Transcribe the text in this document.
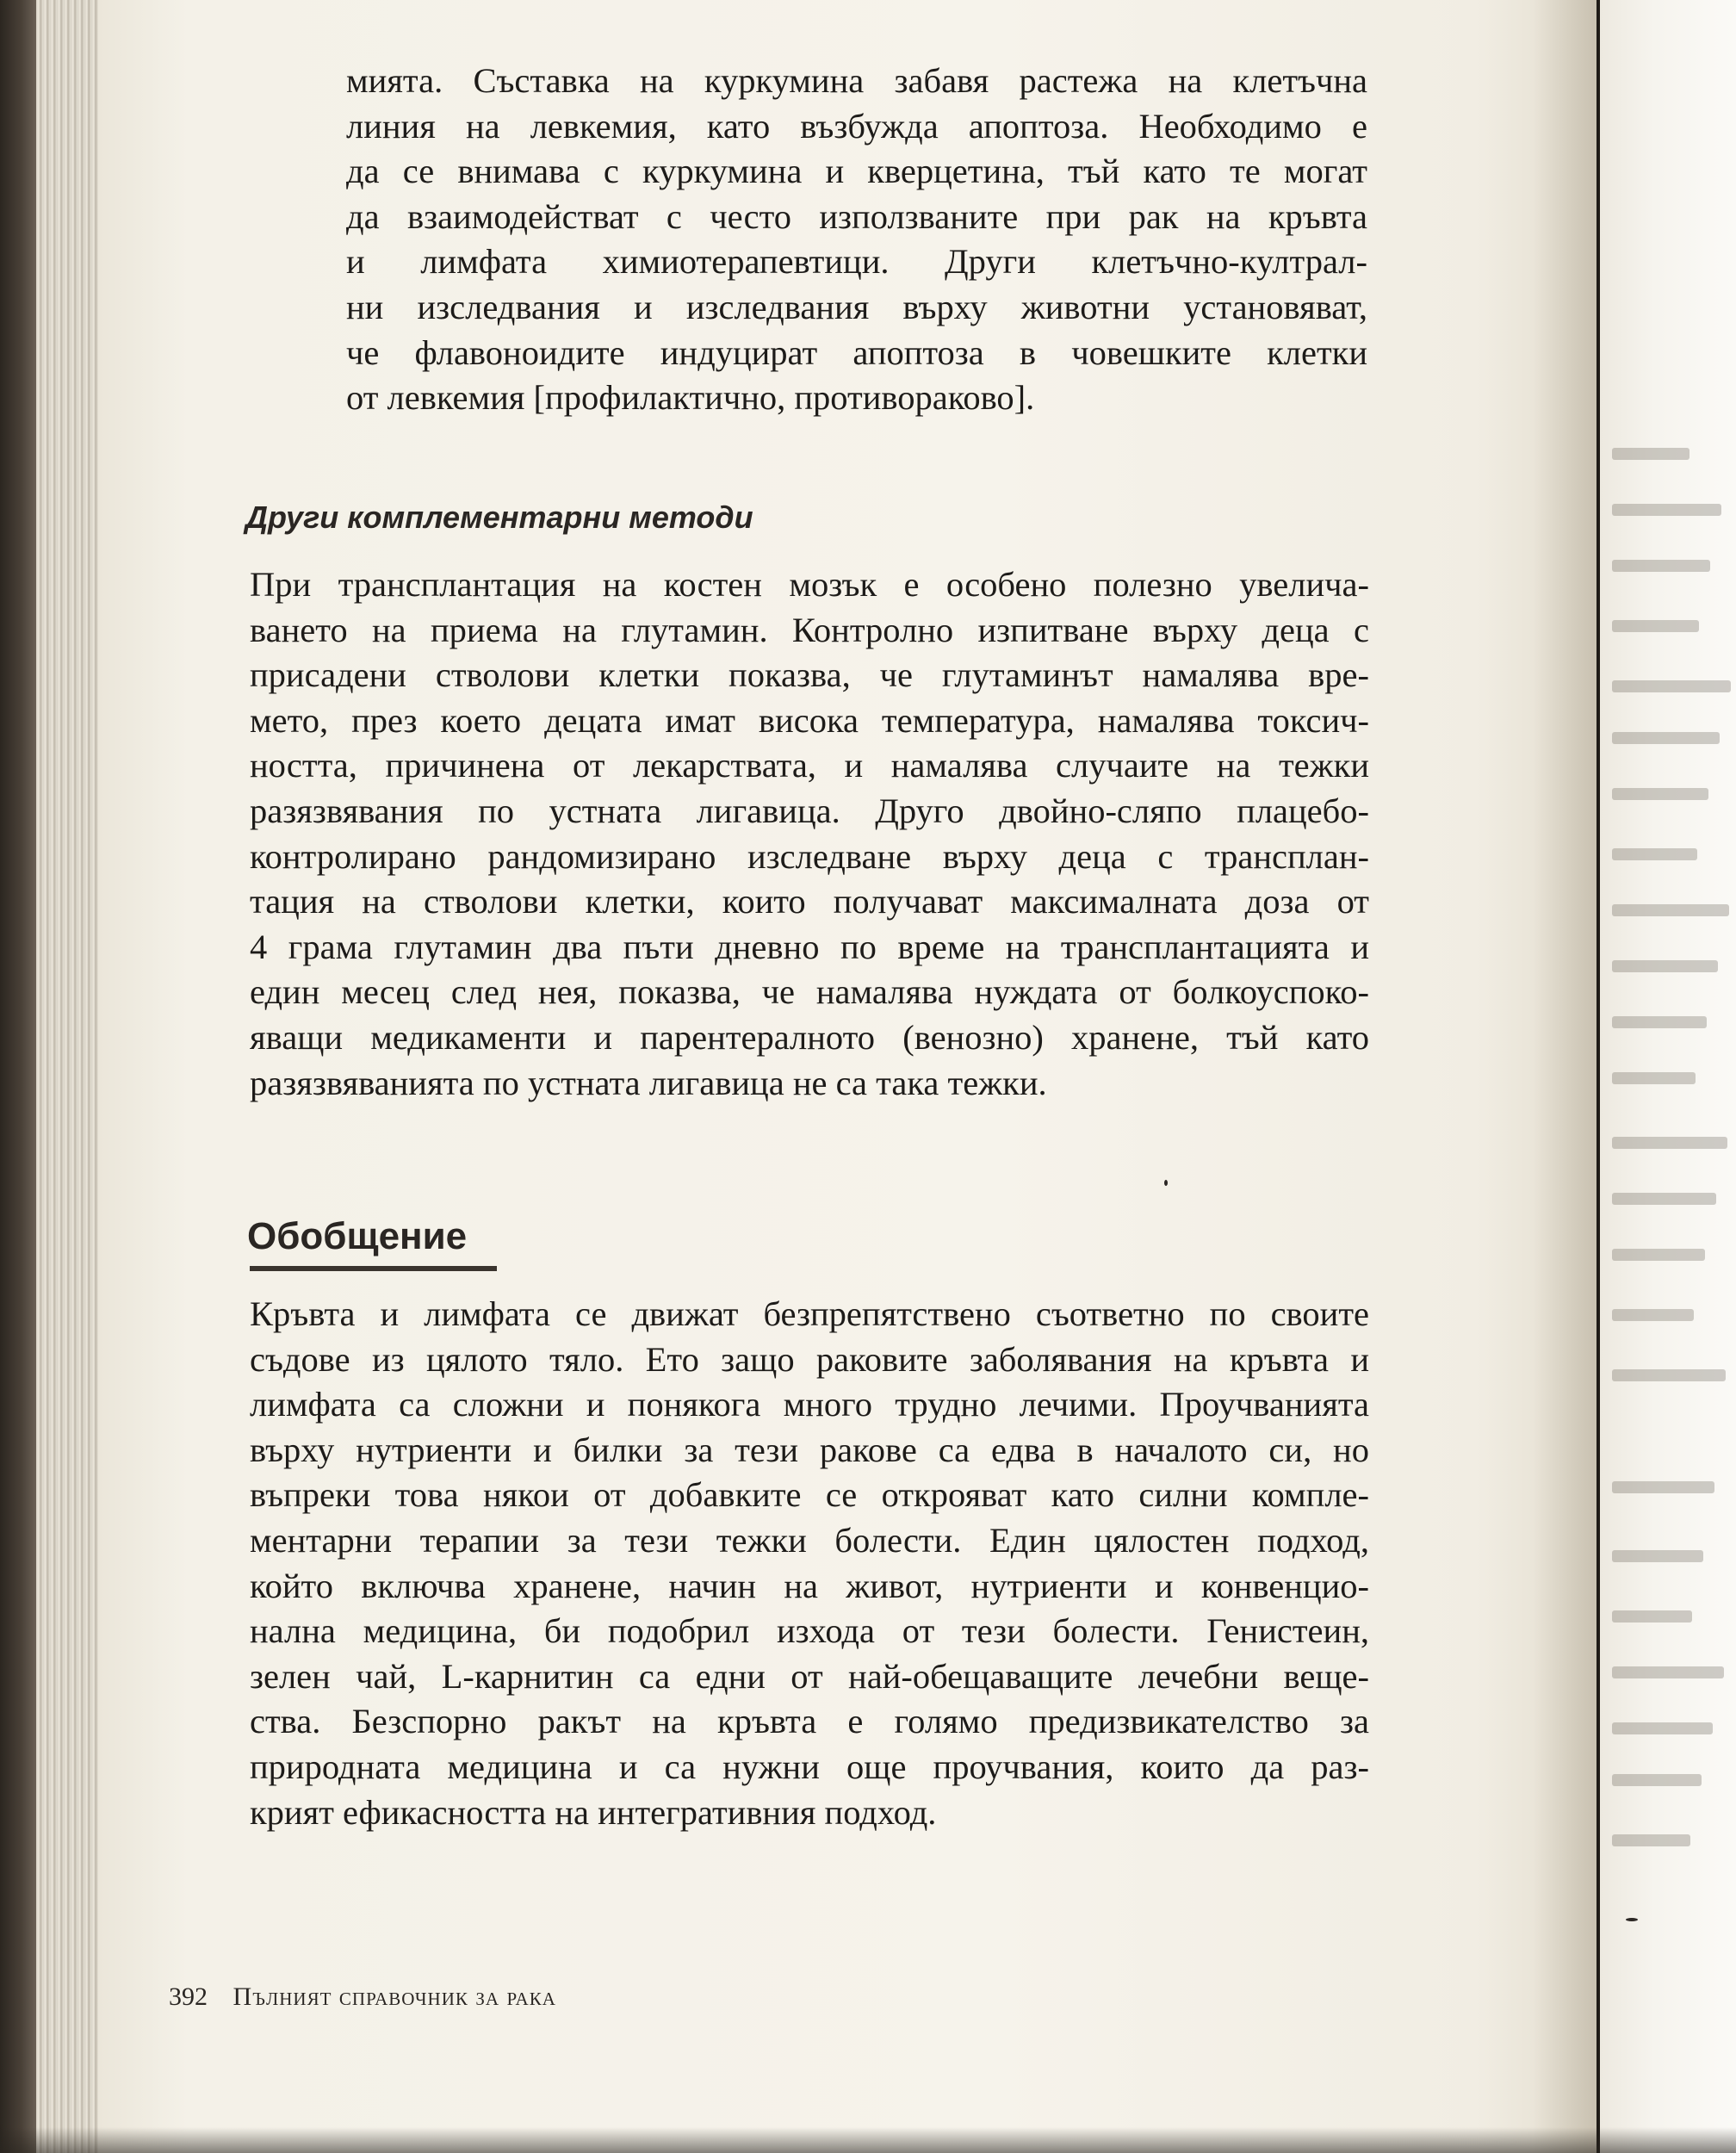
мията. Съставка на куркумина забавя растежа на клетъчна
линия на левкемия, като възбужда апоптоза. Необходимо е
да се внимава с куркумина и кверцетина, тъй като те могат
да взаимодействат с често използваните при рак на кръвта
и лимфата химиотерапевтици. Други клетъчно-култрал-
ни изследвания и изследвания върху животни установяват,
че флавоноидите индуцират апоптоза в човешките клетки
от левкемия [профилактично, противораково].
Други комплементарни методи
При трансплантация на костен мозък е особено полезно увелича-
ването на приема на глутамин. Контролно изпитване върху деца с
присадени стволови клетки показва, че глутаминът намалява вре-
мето, през което децата имат висока температура, намалява токсич-
ността, причинена от лекарствата, и намалява случаите на тежки
разязвявания по устната лигавица. Друго двойно-сляпо плацебо-
контролирано рандомизирано изследване върху деца с трансплан-
тация на стволови клетки, които получават максималната доза от
4 грама глутамин два пъти дневно по време на трансплантацията и
един месец след нея, показва, че намалява нуждата от болкоуспоко-
яващи медикаменти и парентералното (венозно) хранене, тъй като
разязвяванията по устната лигавица не са така тежки.
Обобщение
Кръвта и лимфата се движат безпрепятствено съответно по своите
съдове из цялото тяло. Ето защо раковите заболявания на кръвта и
лимфата са сложни и понякога много трудно лечими. Проучванията
върху нутриенти и билки за тези ракове са едва в началото си, но
въпреки това някои от добавките се открояват като силни компле-
ментарни терапии за тези тежки болести. Един цялостен подход,
който включва хранене, начин на живот, нутриенти и конвенцио-
нална медицина, би подобрил изхода от тези болести. Генистеин,
зелен чай, L-карнитин са едни от най-обещаващите лечебни веще-
ства. Безспорно ракът на кръвта е голямо предизвикателство за
природната медицина и са нужни още проучвания, които да раз-
крият ефикасността на интегративния подход.
392 Пълният справочник за рака
